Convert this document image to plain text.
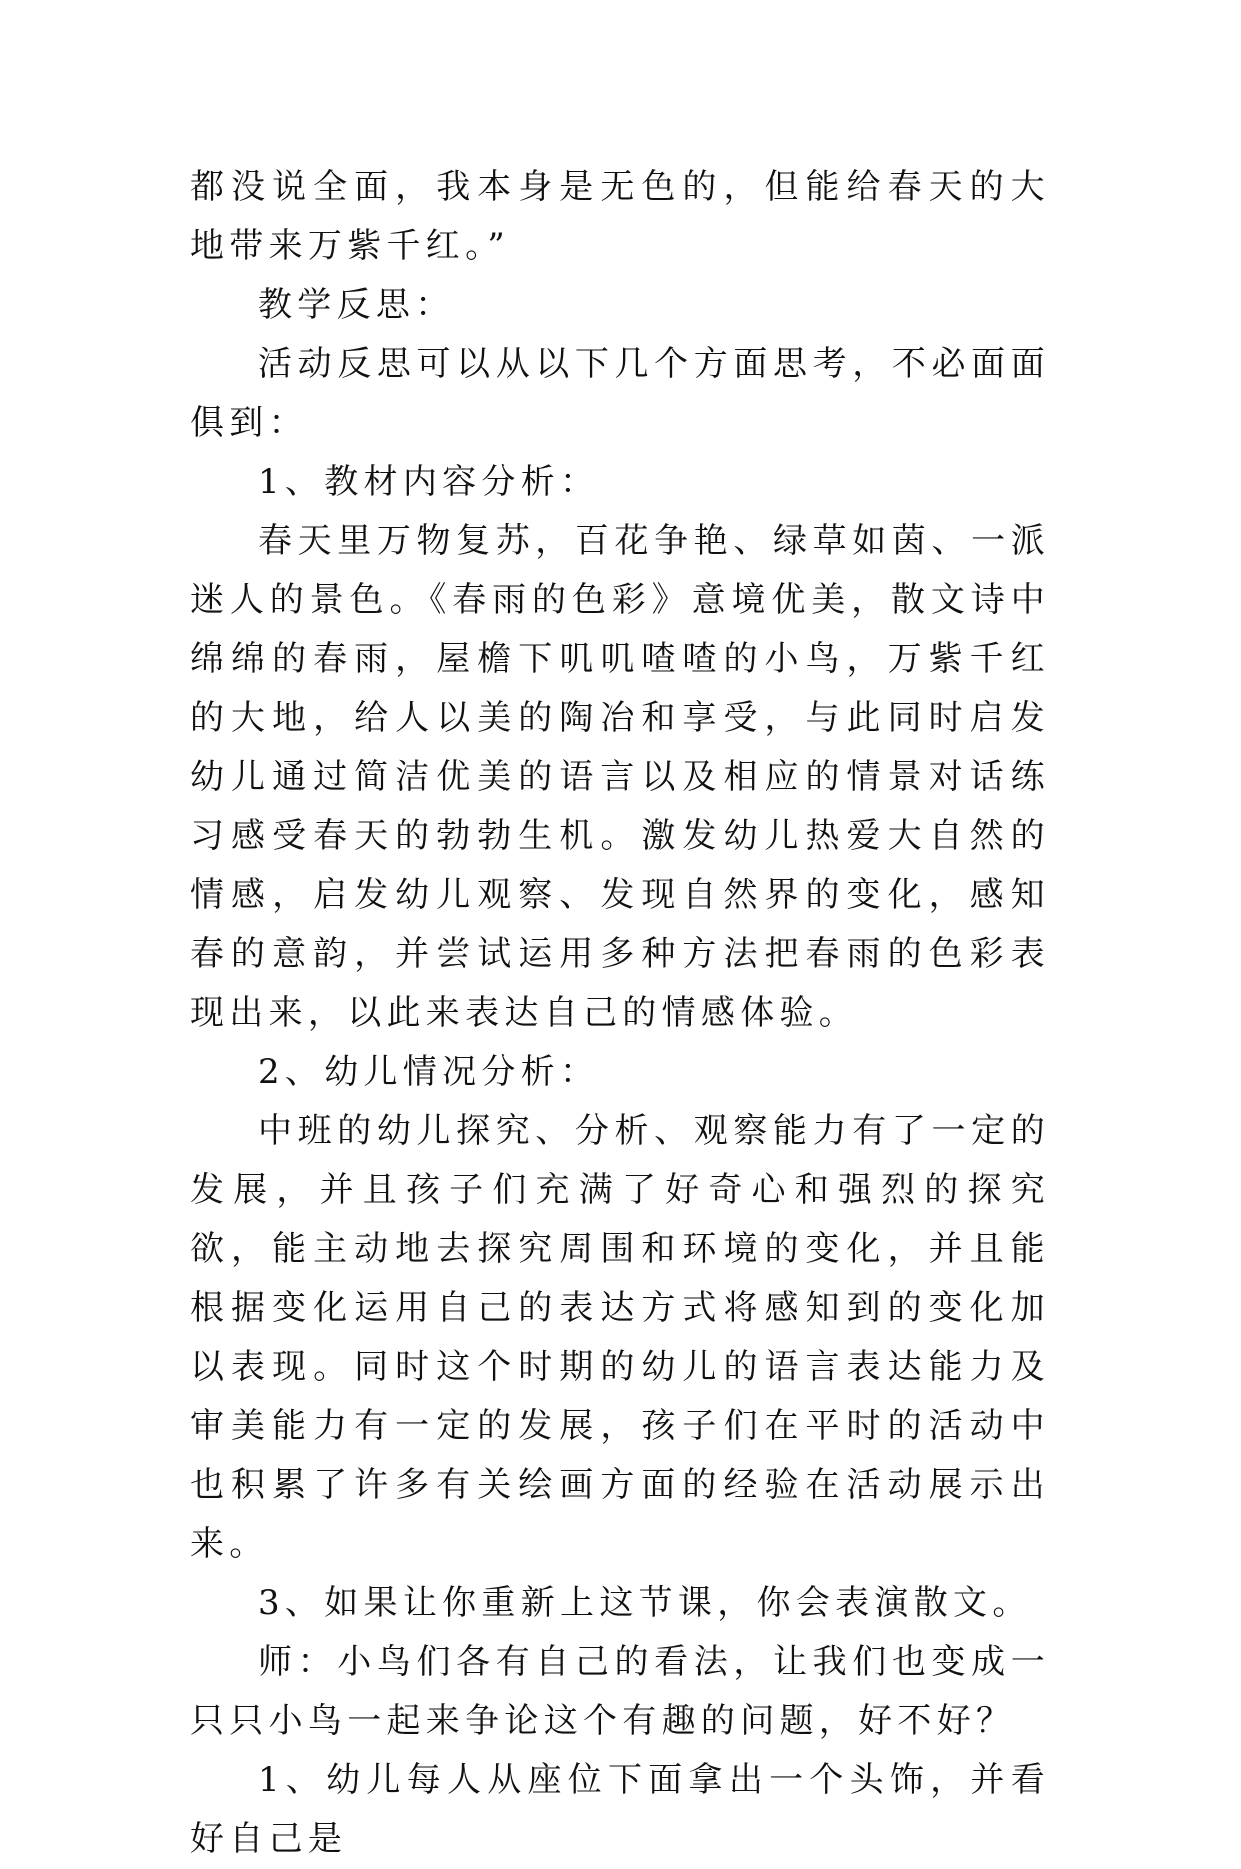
都没说全面，我本身是无色的，但能给春天的大地带来万紫千红。”

教学反思：

活动反思可以从以下几个方面思考，不必面面俱到：

1、教材内容分析：

春天里万物复苏，百花争艳、绿草如茵、一派迷人的景色。《春雨的色彩》意境优美，散文诗中绵绵的春雨，屋檐下叽叽喳喳的小鸟，万紫千红的大地，给人以美的陶冶和享受，与此同时启发幼儿通过简洁优美的语言以及相应的情景对话练习感受春天的勃勃生机。激发幼儿热爱大自然的情感，启发幼儿观察、发现自然界的变化，感知春的意韵，并尝试运用多种方法把春雨的色彩表现出来，以此来表达自己的情感体验。

2、幼儿情况分析：

中班的幼儿探究、分析、观察能力有了一定的发展，并且孩子们充满了好奇心和强烈的探究欲，能主动地去探究周围和环境的变化，并且能根据变化运用自己的表达方式将感知到的变化加以表现。同时这个时期的幼儿的语言表达能力及审美能力有一定的发展，孩子们在平时的活动中也积累了许多有关绘画方面的经验在活动展示出来。

3、如果让你重新上这节课，你会表演散文。

师：小鸟们各有自己的看法，让我们也变成一只只小鸟一起来争论这个有趣的问题，好不好？

1、幼儿每人从座位下面拿出一个头饰，并看好自己是
